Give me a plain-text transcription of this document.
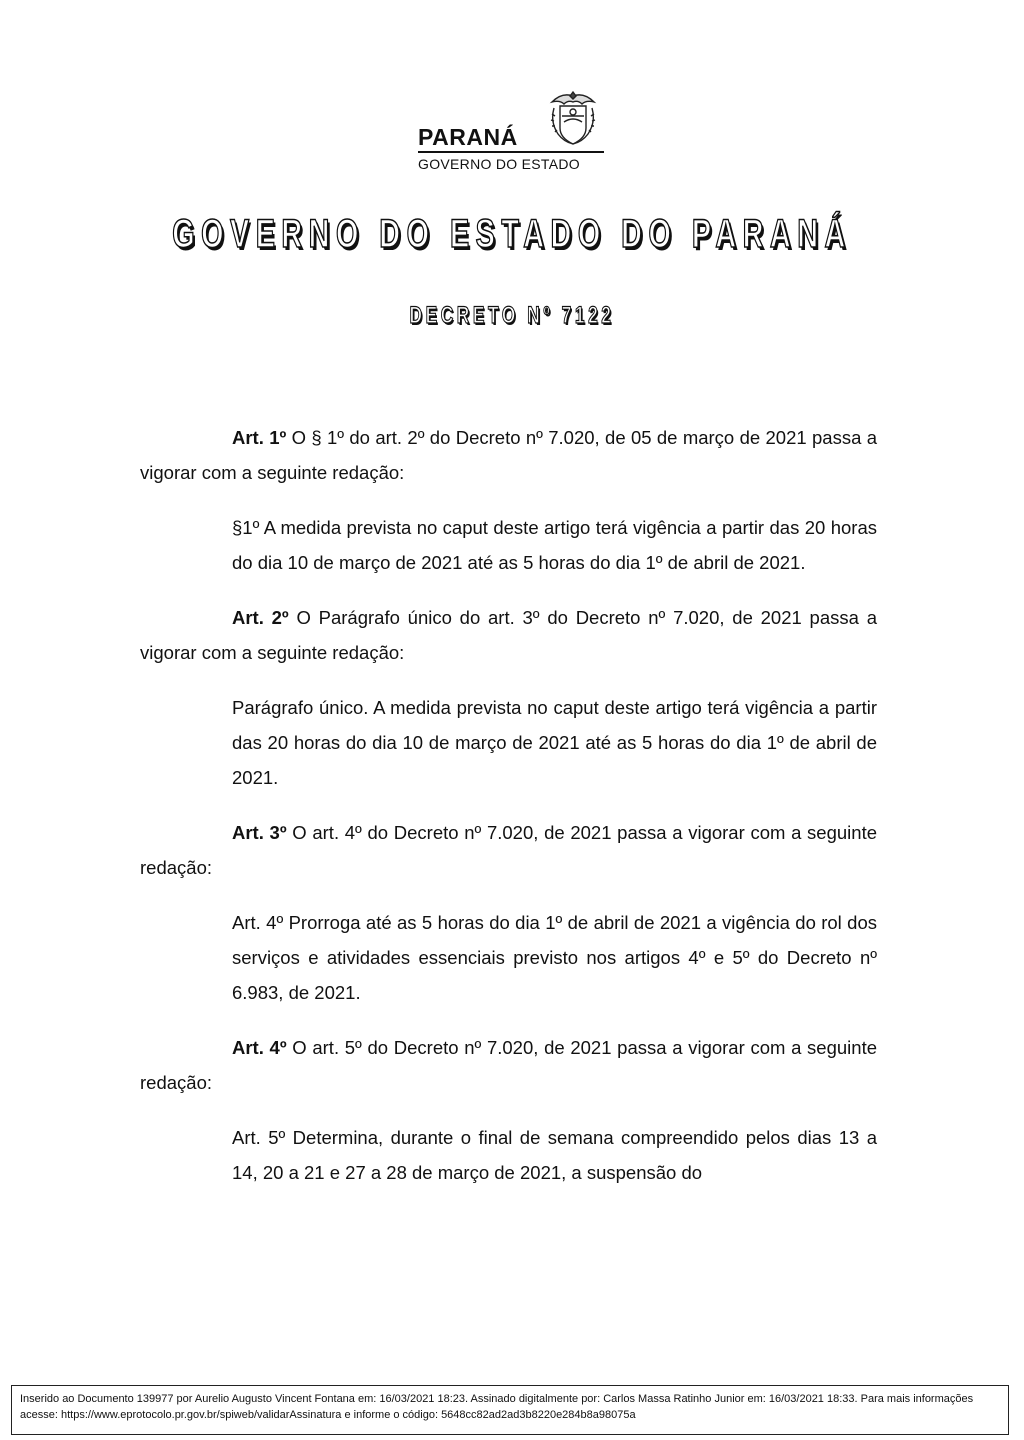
PARANÁ
GOVERNO DO ESTADO
GOVERNO DO ESTADO DO PARANÁ
DECRETO Nº 7122

Art. 1º O § 1º do art. 2º do Decreto nº 7.020, de 05 de março de 2021 passa a vigorar com a seguinte redação:

§1º A medida prevista no caput deste artigo terá vigência a partir das 20 horas do dia 10 de março de 2021 até as 5 horas do dia 1º de abril de 2021.

Art. 2º O Parágrafo único do art. 3º do Decreto nº 7.020, de 2021 passa a vigorar com a seguinte redação:

Parágrafo único. A medida prevista no caput deste artigo terá vigência a partir das 20 horas do dia 10 de março de 2021 até as 5 horas do dia 1º de abril de 2021.

Art. 3º O art. 4º do Decreto nº 7.020, de 2021 passa a vigorar com a seguinte redação:

Art. 4º Prorroga até as 5 horas do dia 1º de abril de 2021 a vigência do rol dos serviços e atividades essenciais previsto nos artigos 4º e 5º do Decreto nº 6.983, de 2021.

Art. 4º O art. 5º do Decreto nº 7.020, de 2021 passa a vigorar com a seguinte redação:

Art. 5º Determina, durante o final de semana compreendido pelos dias 13 a 14, 20 a 21 e 27 a 28 de março de 2021, a suspensão do

Inserido ao Documento 139977 por Aurelio Augusto Vincent Fontana em: 16/03/2021 18:23. Assinado digitalmente por: Carlos Massa Ratinho Junior em: 16/03/2021 18:33. Para mais informações acesse: https://www.eprotocolo.pr.gov.br/spiweb/validarAssinatura e informe o código: 5648cc82ad2ad3b8220e284b8a98075a
